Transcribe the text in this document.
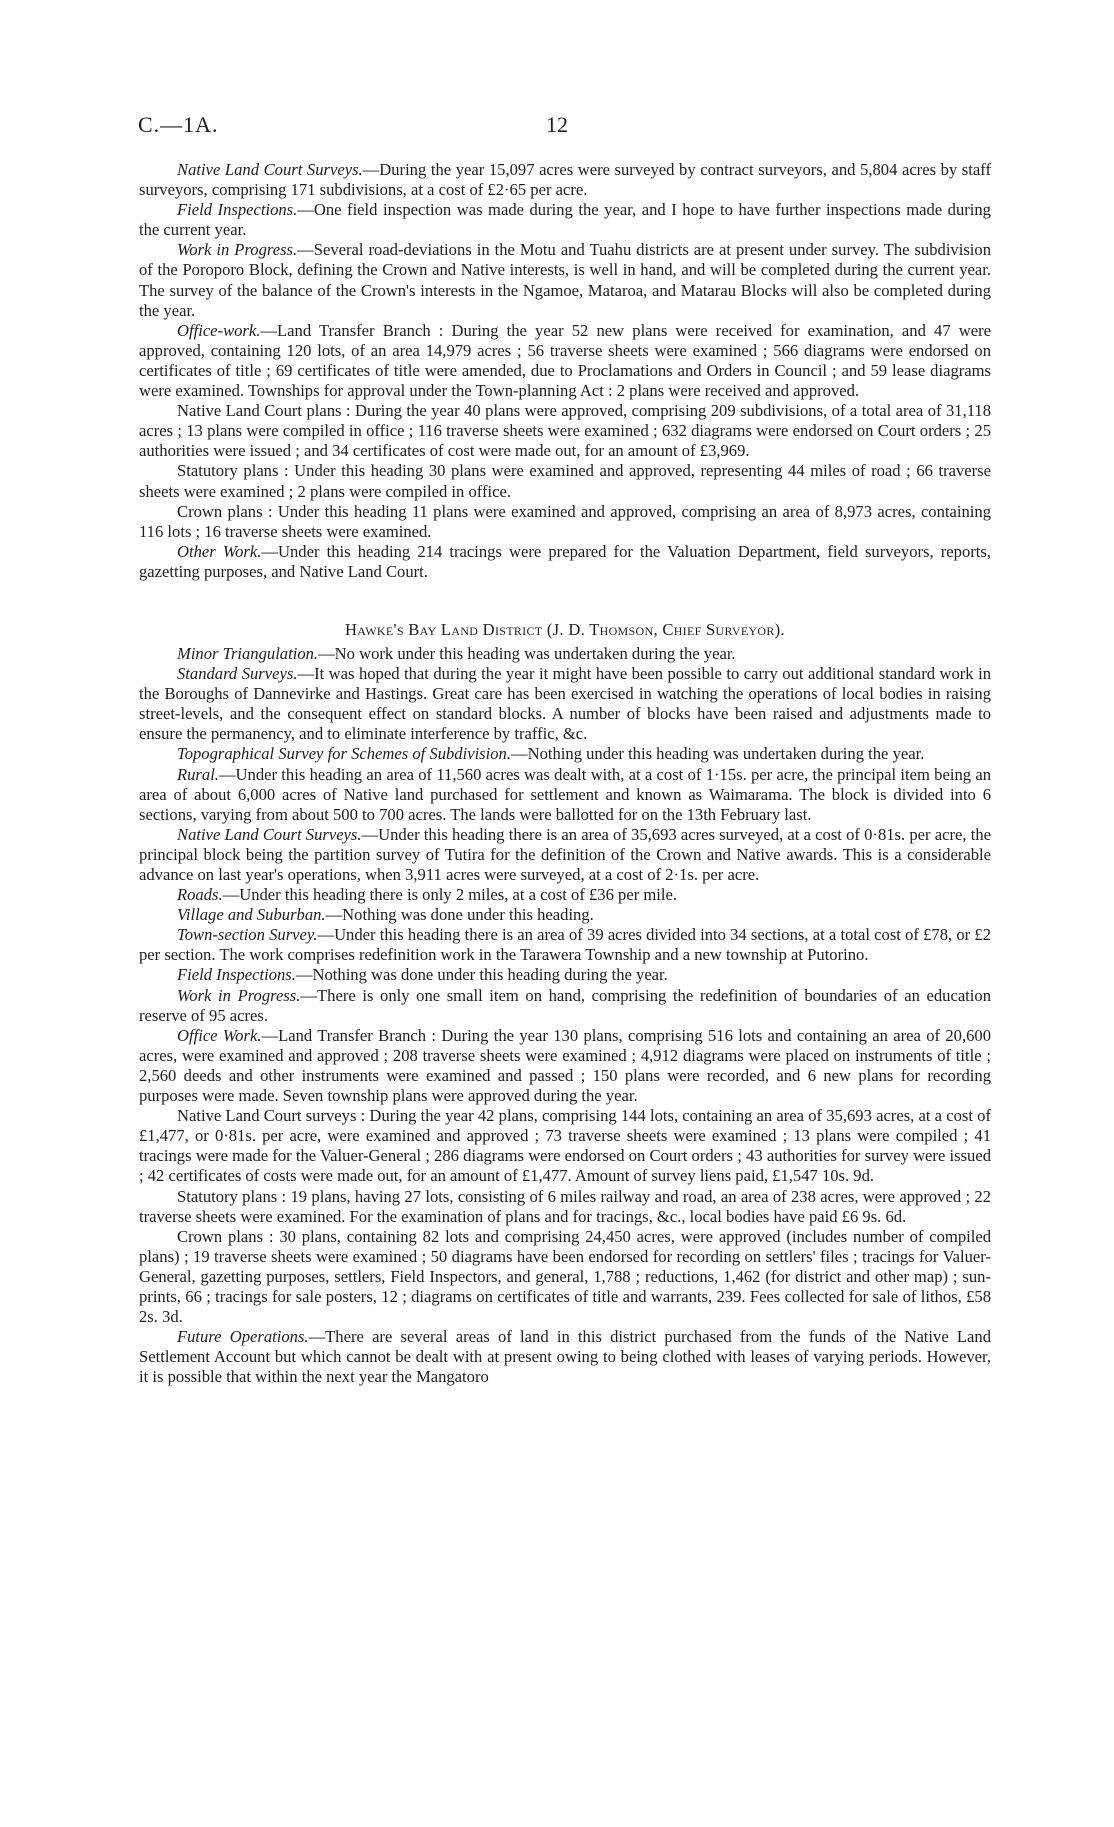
C.—1A.	12

Native Land Court Surveys.—During the year 15,097 acres were surveyed by contract surveyors, and 5,804 acres by staff surveyors, comprising 171 subdivisions, at a cost of £2·65 per acre.

Field Inspections.—One field inspection was made during the year, and I hope to have further inspections made during the current year.

Work in Progress.—Several road-deviations in the Motu and Tuahu districts are at present under survey. The subdivision of the Poroporo Block, defining the Crown and Native interests, is well in hand, and will be completed during the current year. The survey of the balance of the Crown's interests in the Ngamoe, Mataroa, and Matarau Blocks will also be completed during the year.

Office-work.—Land Transfer Branch : During the year 52 new plans were received for examination, and 47 were approved, containing 120 lots, of an area 14,979 acres ; 56 traverse sheets were examined ; 566 diagrams were endorsed on certificates of title ; 69 certificates of title were amended, due to Proclamations and Orders in Council ; and 59 lease diagrams were examined. Townships for approval under the Town-planning Act : 2 plans were received and approved.

Native Land Court plans : During the year 40 plans were approved, comprising 209 subdivisions, of a total area of 31,118 acres ; 13 plans were compiled in office ; 116 traverse sheets were examined ; 632 diagrams were endorsed on Court orders ; 25 authorities were issued ; and 34 certificates of cost were made out, for an amount of £3,969.

Statutory plans : Under this heading 30 plans were examined and approved, representing 44 miles of road ; 66 traverse sheets were examined ; 2 plans were compiled in office.

Crown plans : Under this heading 11 plans were examined and approved, comprising an area of 8,973 acres, containing 116 lots ; 16 traverse sheets were examined.

Other Work.—Under this heading 214 tracings were prepared for the Valuation Department, field surveyors, reports, gazetting purposes, and Native Land Court.

Hawke's Bay Land District (J. D. Thomson, Chief Surveyor).

Minor Triangulation.—No work under this heading was undertaken during the year.

Standard Surveys.—It was hoped that during the year it might have been possible to carry out additional standard work in the Boroughs of Dannevirke and Hastings. Great care has been exercised in watching the operations of local bodies in raising street-levels, and the consequent effect on standard blocks. A number of blocks have been raised and adjustments made to ensure the permanency, and to eliminate interference by traffic, &c.

Topographical Survey for Schemes of Subdivision.—Nothing under this heading was undertaken during the year.

Rural.—Under this heading an area of 11,560 acres was dealt with, at a cost of 1·15s. per acre, the principal item being an area of about 6,000 acres of Native land purchased for settlement and known as Waimarama. The block is divided into 6 sections, varying from about 500 to 700 acres. The lands were ballotted for on the 13th February last.

Native Land Court Surveys.—Under this heading there is an area of 35,693 acres surveyed, at a cost of 0·81s. per acre, the principal block being the partition survey of Tutira for the definition of the Crown and Native awards. This is a considerable advance on last year's operations, when 3,911 acres were surveyed, at a cost of 2·1s. per acre.

Roads.—Under this heading there is only 2 miles, at a cost of £36 per mile.

Village and Suburban.—Nothing was done under this heading.

Town-section Survey.—Under this heading there is an area of 39 acres divided into 34 sections, at a total cost of £78, or £2 per section. The work comprises redefinition work in the Tarawera Township and a new township at Putorino.

Field Inspections.—Nothing was done under this heading during the year.

Work in Progress.—There is only one small item on hand, comprising the redefinition of boundaries of an education reserve of 95 acres.

Office Work.—Land Transfer Branch : During the year 130 plans, comprising 516 lots and containing an area of 20,600 acres, were examined and approved ; 208 traverse sheets were examined ; 4,912 diagrams were placed on instruments of title ; 2,560 deeds and other instruments were examined and passed ; 150 plans were recorded, and 6 new plans for recording purposes were made. Seven township plans were approved during the year.

Native Land Court surveys : During the year 42 plans, comprising 144 lots, containing an area of 35,693 acres, at a cost of £1,477, or 0·81s. per acre, were examined and approved ; 73 traverse sheets were examined ; 13 plans were compiled ; 41 tracings were made for the Valuer-General ; 286 diagrams were endorsed on Court orders ; 43 authorities for survey were issued ; 42 certificates of costs were made out, for an amount of £1,477. Amount of survey liens paid, £1,547 10s. 9d.

Statutory plans : 19 plans, having 27 lots, consisting of 6 miles railway and road, an area of 238 acres, were approved ; 22 traverse sheets were examined. For the examination of plans and for tracings, &c., local bodies have paid £6 9s. 6d.

Crown plans : 30 plans, containing 82 lots and comprising 24,450 acres, were approved (includes number of compiled plans) ; 19 traverse sheets were examined ; 50 diagrams have been endorsed for recording on settlers' files ; tracings for Valuer-General, gazetting purposes, settlers, Field Inspectors, and general, 1,788 ; reductions, 1,462 (for district and other map) ; sun-prints, 66 ; tracings for sale posters, 12 ; diagrams on certificates of title and warrants, 239. Fees collected for sale of lithos, £58 2s. 3d.

Future Operations.—There are several areas of land in this district purchased from the funds of the Native Land Settlement Account but which cannot be dealt with at present owing to being clothed with leases of varying periods. However, it is possible that within the next year the Mangatoro
